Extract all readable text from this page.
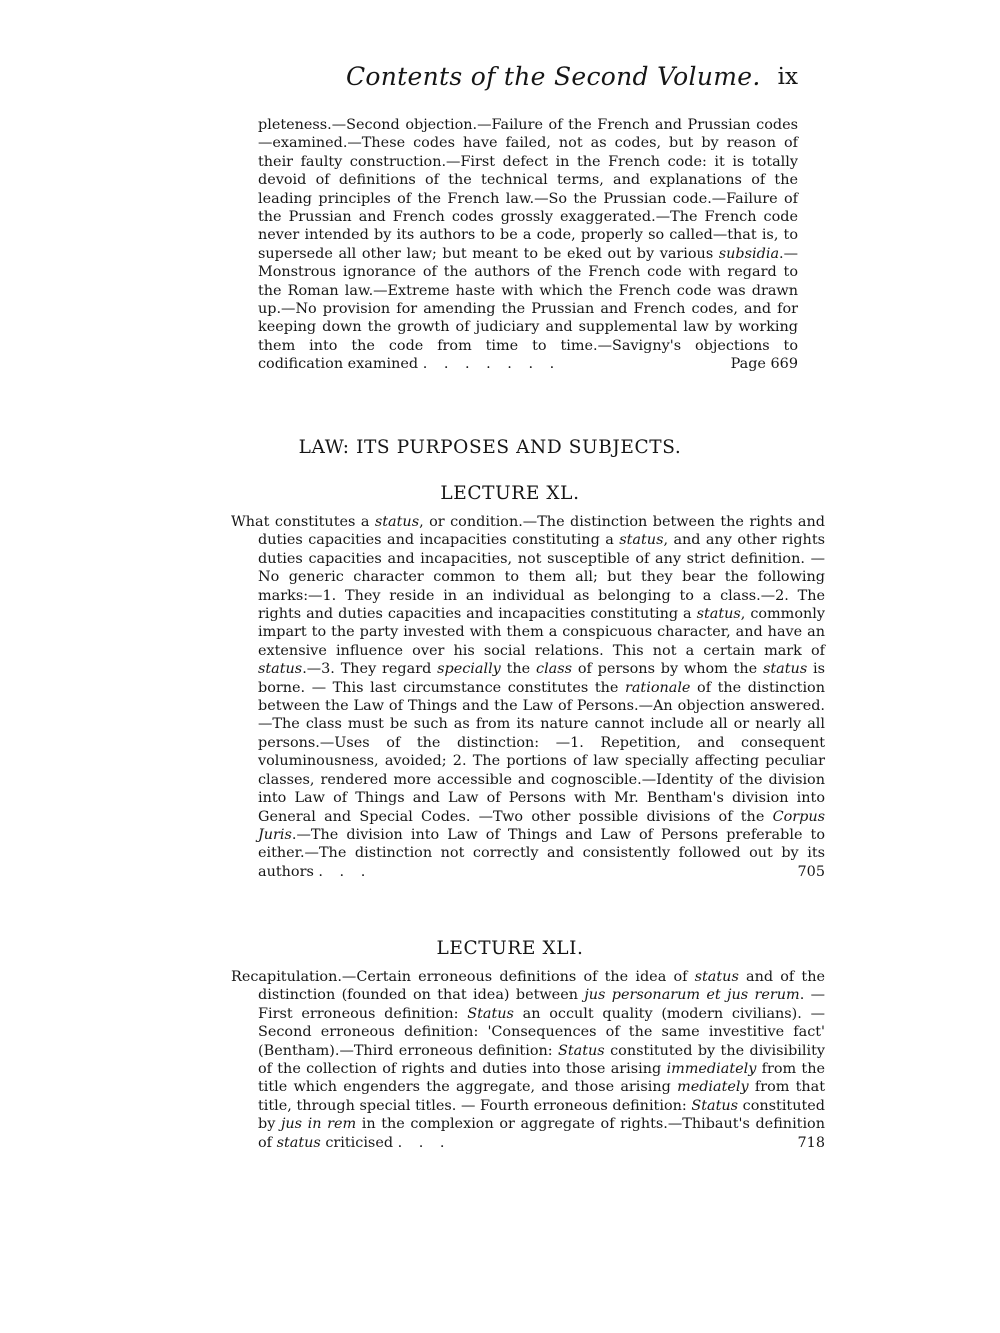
Contents of the Second Volume. ix

pleteness.—Second objection.—Failure of the French and Prussian codes —examined.—These codes have failed, not as codes, but by reason of their faulty construction.—First defect in the French code: it is totally devoid of definitions of the technical terms, and explanations of the leading principles of the French law.—So the Prussian code.—Failure of the Prussian and French codes grossly exaggerated.—The French code never intended by its authors to be a code, properly so called—that is, to supersede all other law; but meant to be eked out by various subsidia.—Monstrous ignorance of the authors of the French code with regard to the Roman law.—Extreme haste with which the French code was drawn up.—No provision for amending the Prussian and French codes, and for keeping down the growth of judiciary and supplemental law by working them into the code from time to time.—Savigny's objections to codification examined . . . . . . .	Page 669

LAW: ITS PURPOSES AND SUBJECTS.
LECTURE XL.

What constitutes a status, or condition.—The distinction between the rights and duties capacities and incapacities constituting a status, and any other rights duties capacities and incapacities, not susceptible of any strict definition. —No generic character common to them all; but they bear the following marks:—1. They reside in an individual as belonging to a class.—2. The rights and duties capacities and incapacities constituting a status, commonly impart to the party invested with them a conspicuous character, and have an extensive influence over his social relations. This not a certain mark of status.—3. They regard specially the class of persons by whom the status is borne. — This last circumstance constitutes the rationale of the distinction between the Law of Things and the Law of Persons.—An objection answered.—The class must be such as from its nature cannot include all or nearly all persons.—Uses of the distinction: —1. Repetition, and consequent voluminousness, avoided; 2. The portions of law specially affecting peculiar classes, rendered more accessible and cognoscible.—Identity of the division into Law of Things and Law of Persons with Mr. Bentham's division into General and Special Codes. —Two other possible divisions of the Corpus Juris.—The division into Law of Things and Law of Persons preferable to either.—The distinction not correctly and consistently followed out by its authors . . .	705

LECTURE XLI.

Recapitulation.—Certain erroneous definitions of the idea of status and of the distinction (founded on that idea) between jus personarum et jus rerum. —First erroneous definition: Status an occult quality (modern civilians). — Second erroneous definition: 'Consequences of the same investitive fact' (Bentham).—Third erroneous definition: Status constituted by the divisibility of the collection of rights and duties into those arising immediately from the title which engenders the aggregate, and those arising mediately from that title, through special titles. — Fourth erroneous definition: Status constituted by jus in rem in the complexion or aggregate of rights.—Thibaut's definition of status criticised . . .	718
